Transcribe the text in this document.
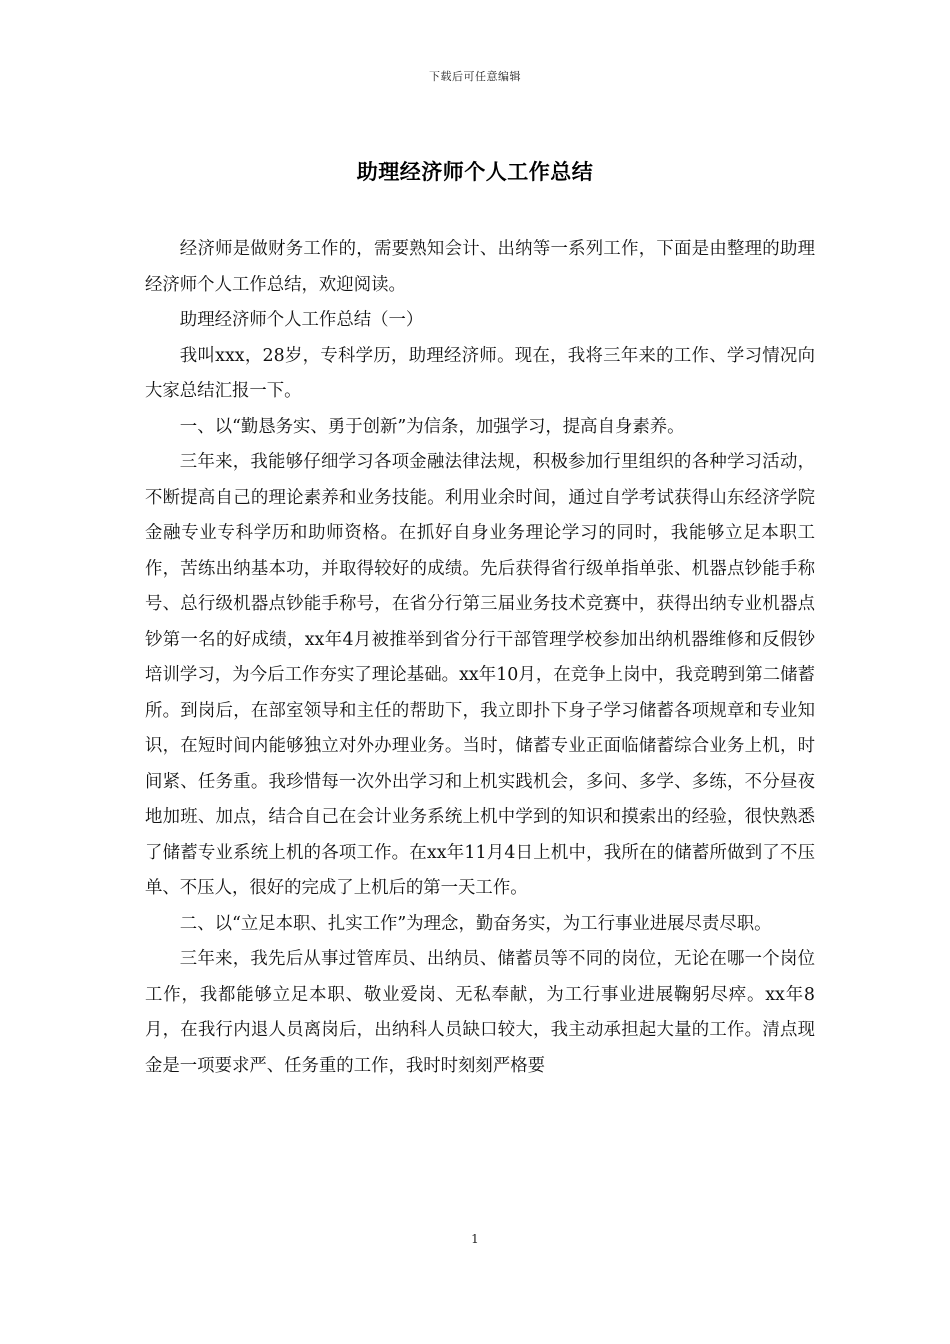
下载后可任意编辑
助理经济师个人工作总结

经济师是做财务工作的，需要熟知会计、出纳等一系列工作，下面是由整理的助理经济师个人工作总结，欢迎阅读。

助理经济师个人工作总结（一）

我叫xxx，28岁，专科学历，助理经济师。现在，我将三年来的工作、学习情况向大家总结汇报一下。

一、以“勤恳务实、勇于创新”为信条，加强学习，提高自身素养。

三年来，我能够仔细学习各项金融法律法规，积极参加行里组织的各种学习活动，不断提高自己的理论素养和业务技能。利用业余时间，通过自学考试获得山东经济学院金融专业专科学历和助师资格。在抓好自身业务理论学习的同时，我能够立足本职工作，苦练出纳基本功，并取得较好的成绩。先后获得省行级单指单张、机器点钞能手称号、总行级机器点钞能手称号，在省分行第三届业务技术竞赛中，获得出纳专业机器点钞第一名的好成绩，xx年4月被推举到省分行干部管理学校参加出纳机器维修和反假钞培训学习，为今后工作夯实了理论基础。xx年10月，在竞争上岗中，我竞聘到第二储蓄所。到岗后，在部室领导和主任的帮助下，我立即扑下身子学习储蓄各项规章和专业知识，在短时间内能够独立对外办理业务。当时，储蓄专业正面临储蓄综合业务上机，时间紧、任务重。我珍惜每一次外出学习和上机实践机会，多问、多学、多练，不分昼夜地加班、加点，结合自己在会计业务系统上机中学到的知识和摸索出的经验，很快熟悉了储蓄专业系统上机的各项工作。在xx年11月4日上机中，我所在的储蓄所做到了不压单、不压人，很好的完成了上机后的第一天工作。

二、以“立足本职、扎实工作”为理念，勤奋务实，为工行事业进展尽责尽职。

三年来，我先后从事过管库员、出纳员、储蓄员等不同的岗位，无论在哪一个岗位工作，我都能够立足本职、敬业爱岗、无私奉献，为工行事业进展鞠躬尽瘁。xx年8月，在我行内退人员离岗后，出纳科人员缺口较大，我主动承担起大量的工作。清点现金是一项要求严、任务重的工作，我时时刻刻严格要

1
